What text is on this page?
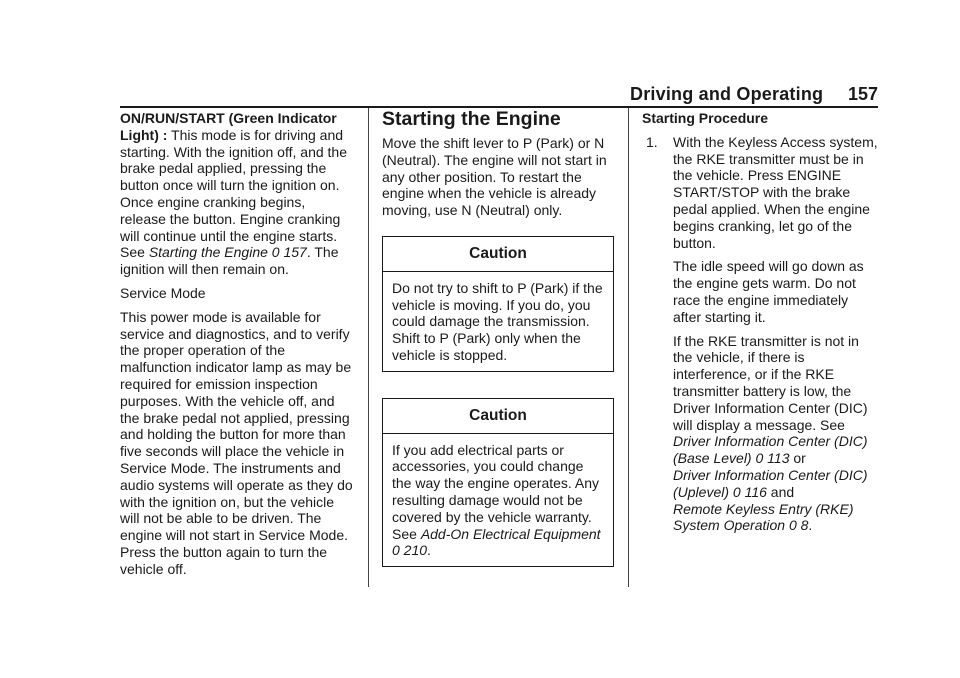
Driving and Operating 157

ON/RUN/START (Green Indicator Light) : This mode is for driving and starting. With the ignition off, and the brake pedal applied, pressing the button once will turn the ignition on. Once engine cranking begins, release the button. Engine cranking will continue until the engine starts. See Starting the Engine 0 157. The ignition will then remain on.

Service Mode

This power mode is available for service and diagnostics, and to verify the proper operation of the malfunction indicator lamp as may be required for emission inspection purposes. With the vehicle off, and the brake pedal not applied, pressing and holding the button for more than five seconds will place the vehicle in Service Mode. The instruments and audio systems will operate as they do with the ignition on, but the vehicle will not be able to be driven. The engine will not start in Service Mode. Press the button again to turn the vehicle off.

Starting the Engine

Move the shift lever to P (Park) or N (Neutral). The engine will not start in any other position. To restart the engine when the vehicle is already moving, use N (Neutral) only.

Caution
Do not try to shift to P (Park) if the vehicle is moving. If you do, you could damage the transmission. Shift to P (Park) only when the vehicle is stopped.
Caution
If you add electrical parts or accessories, you could change the way the engine operates. Any resulting damage would not be covered by the vehicle warranty. See Add-On Electrical Equipment
0 210.

Starting Procedure

1. With the Keyless Access system, the RKE transmitter must be in the vehicle. Press ENGINE START/STOP with the brake pedal applied. When the engine begins cranking, let go of the button.

The idle speed will go down as the engine gets warm. Do not race the engine immediately after starting it.

If the RKE transmitter is not in the vehicle, if there is interference, or if the RKE transmitter battery is low, the Driver Information Center (DIC) will display a message. See Driver Information Center (DIC) (Base Level) 0 113 or
Driver Information Center (DIC) (Uplevel) 0 116 and
Remote Keyless Entry (RKE) System Operation 0 8.
